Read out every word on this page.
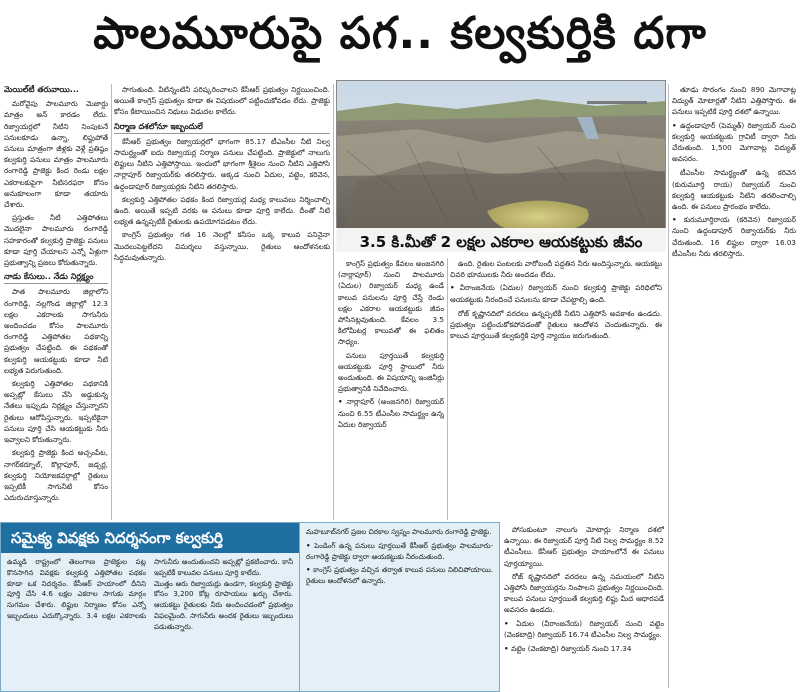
పాలమూరుపై పగ.. కల్వకుర్తికి దగా
మెయిల్‌టీ తరువాయి...

మరోవైపు పాలమూరు మెజార్టు మాత్రం అన్ కారడం లేదు. రిజ్వాయర్లలో నీటిని నింపుటనే పనులకూడు ఉన్నా, లిఫ్టుపోతే పనులు మాత్రంగా జీళ్లకు వెళ్లే ప్రతిష్ఠం కల్వకుర్తి పనులు మాత్రం పాలమూరు రంగారెడ్డి ప్రాజెక్టు కింద రెండు లక్షల ఎకరాలకుపైగా నీటిసరఫరా కోసం అనుకూలంగా కూడా తయారు చేశారు.

ప్రస్తుతం నీటి ఎత్తిపోతలు మొదలైనా పాలమూరు రంగారెడ్డి సహకారంతో కల్వకుర్తి ప్రాజెక్టు పనులు కూడా పూర్తి చేయాలని ఎన్నో ఏళ్లుగా ప్రభుత్వాన్ని ప్రజలు కోరుతున్నారు.

నాడు కేసులు.. నేడు నిర్లక్ష్యం

పాత పాలమూరు జిల్లాలోని రంగారెడ్డి, నల్లగొండ జిల్లాల్లో 12.3 లక్షల ఎకరాలకు సాగునీరు అందించడం కోసం పాలమూరు రంగారెడ్డి ఎత్తిపోతల పథకాన్ని ప్రభుత్వం చేపట్టింది. ఈ పథకంతో కల్వకుర్తి ఆయకట్టుకు కూడా నీటి లభ్యత పెరుగుతుంది.

కల్వకుర్తి ఎత్తిపోతల పథకానికి అప్పట్లో కేసులు వేసి అడ్డుకున్న నేతలు ఇప్పుడు నిర్లక్ష్యం చేస్తున్నారని రైతులు ఆరోపిస్తున్నారు. ఇప్పటికైనా పనులు పూర్తి చేసి ఆయకట్టుకు నీరు ఇవ్వాలని కోరుతున్నారు.

కల్వకుర్తి ప్రాజెక్టు కింద అచ్చంపేట, నాగర్‌కర్నూల్, కొల్లాపూర్, జడ్చర్ల, కల్వకుర్తి నియోజకవర్గాల్లో రైతులు ఇప్పటికీ సాగునీటి కోసం ఎదురుచూస్తున్నారు.

సాగుతుంది. వీటిన్నంటినీ పరిష్కరించాలని కేసీఆర్ ప్రభుత్వం నిర్ణయించింది. అయితే కాంగ్రెస్ ప్రభుత్వం కూడా ఈ విషయంలో పట్టించుకోవడం లేదు. ప్రాజెక్టు కోసం కేటాయించిన నిధులు విడుదల కాలేదు.

నిర్మాణ దశలోనూ ఇబ్బందులే

కేసీఆర్ ప్రభుత్వం రిజ్వాయర్లలో భాగంగా 85.17 టీఎంసీల నీటి నిల్వ సామర్థ్యంతో ఐదు రిజ్వాయర్ల నిర్మాణ పనులు చేపట్టింది. ప్రాజెక్టులో నాలుగు లిఫ్టులు నీటిని ఎత్తిపోస్తాయి. ఇందులో భాగంగా శ్రీశైలం నుంచి నీటిని ఎత్తిపోసి నార్లాపూర్ రిజ్వాయర్‌కు తరలిస్తారు. అక్కడ నుంచి ఏదుల, వట్టెం, కరివెన, ఉద్దండాపూర్ రిజ్వాయర్లకు నీటిని తరలిస్తారు.

కల్వకుర్తి ఎత్తిపోతల పథకం కింద రిజ్వాయర్ల మధ్య కాలువలు నిర్మించాల్సి ఉంది. అయితే ఇప్పటి వరకు ఆ పనులు కూడా పూర్తి కాలేదు. దీంతో నీటి లభ్యత ఉన్నప్పటికీ రైతులకు ఉపయోగపడటం లేదు.

కాంగ్రెస్ ప్రభుత్వం గత 16 నెలల్లో కనీసం ఒక్క కాలువ పనినైనా మొదలుపెట్టలేదని విమర్శలు వస్తున్నాయి. రైతులు ఆందోళనలకు సిద్ధమవుతున్నారు.

3.5 కి.మీతో 2 లక్షల ఎకరాల ఆయకట్టుకు జీవం

కాంగ్రెస్ ప్రభుత్వం కేవలం అంజనగిరి (నార్లాపూర్) నుంచి పాలమూరు (ఏదుల) రిజ్వాయర్ మధ్య ఉండే కాలువ పనులను పూర్తి చేస్తే రెండు లక్షల ఎకరాల ఆయకట్టుకు జీవం పోసినట్లవుతుంది. కేవలం 3.5 కిలోమీటర్ల కాలువతో ఈ ఫలితం సాధ్యం.

పనులు పూర్తయితే కల్వకుర్తి ఆయకట్టుకు పూర్తి స్థాయిలో నీరు అందుతుంది. ఈ విషయాన్ని ఇంజినీర్లు ప్రభుత్వానికి నివేదించారు.

• నార్లాపూర్ (అంజనగిరి) రిజ్వాయర్ నుంచి 6.55 టీఎంసీల సామర్థ్యం ఉన్న ఏదుల రిజ్వాయర్

ఉంది. రైతుల పంటలకు వారోబందీ పద్ధతిన నీరు అందిస్తున్నారు. ఆయకట్టు చివరి భూములకు నీరు అందడం లేదు.

• వీరాంజనేయ (ఏదుల) రిజ్వాయర్ నుంచి కల్వకుర్తి ప్రాజెక్టు పరిధిలోని ఆయకట్టుకు నీరందించే పనులను కూడా చేపట్టాల్సి ఉంది.

రోజ్ కృష్ణానదిలో వరదలు ఉన్నప్పటికీ నీటిని ఎత్తిపోసే అవకాశం ఉండదు. ప్రభుత్వం పట్టించుకోకపోవడంతో రైతులు ఆందోళన చెందుతున్నారు. ఈ కాలువ పూర్తయితే కల్వకుర్తికి పూర్తి న్యాయం జరుగుతుంది.

తూడు సొరంగం నుంచి 890 మెగావాట్ల విద్యుత్ మోటార్లతో నీటిని ఎత్తిపోస్తారు. ఈ పనులు ఇప్పటికే పూర్తి దశలో ఉన్నాయి.

• ఉద్దండాపూర్ (పెమ్మత్‌) రిజ్వాయర్ నుంచి కల్వకుర్తి ఆయకట్టుకు గ్రావిటీ ద్వారా నీరు చేరుతుంది. 1,500 మెగావాట్ల విద్యుత్‌ అవసరం.

టీఎంసీల సామర్థ్యంతో ఉన్న కరివెన (కురుమూర్తి రాయ) రిజ్వాయర్ నుంచి కల్వకుర్తి ఆయకట్టుకు నీటిని తరలించాల్సి ఉంది. ఈ పనులు ప్రారంభం కాలేదు.

• కురుమూర్తిరాయ (కరివెన) రిజ్వాయర్ నుంచి ఉద్దండాపూర్ రిజ్వాయర్‌కు నీరు చేరుతుంది. 16 లిఫ్టుల ద్వారా 16.03 టీఎంసీల నీరు తరలిస్తారు.

పోసుకుంటూ నాలుగు మోటార్లు నిర్మాణ దశలో ఉన్నాయి. ఈ రిజ్వాయర్ పూర్తి నీటి నిల్వ సామర్థ్యం 8.52 టీఎంసీలు. కేసీఆర్ ప్రభుత్వం హయాంలోనే ఈ పనులు పూర్తయ్యాయి.

రోజ్ కృష్ణానదిలో వరదలు ఉన్న సమయంలో నీటిని ఎత్తిపోసి రిజ్వాయర్లను నింపాలని ప్రభుత్వం నిర్ణయించింది. కాలువ పనులు పూర్తయితే కల్వకుర్తి లిఫ్టు మీద ఆధారపడే అవసరం ఉండదు.

• ఏదుల (వీరాంజనేయ) రిజ్వాయర్ నుంచి వట్టెం (వెంకటాద్రి) రిజ్వాయర్ 16.74 టీఎంసీల నిల్వ సామర్థ్యం.
• వట్టెం (వెంకటాద్రి) రిజ్వాయర్ నుంచి 17.34
సమైక్య వివక్షకు నిదర్శనంగా కల్వకుర్తి

ఉమ్మడి రాష్ట్రంలో తెలంగాణ ప్రాజెక్టుల పట్ల కొనసాగిన వివక్షకు కల్వకుర్తి ఎత్తిపోతల పథకం కూడా ఒక నిదర్శనం. కేసీఆర్ హయాంలో దీనిని పూర్తి చేసి 4.6 లక్షల ఎకరాల సాగుకు మార్గం సుగమం చేశారు. లిఫ్టుల నిర్మాణం కోసం ఎన్నో ఇబ్బందులు ఎదుర్కొన్నారు. 3.4 లక్షల ఎకరాలకు సాగునీరు అందుతుందని అప్పట్లో ప్రకటించారు. కానీ ఇప్పటికీ కాలువల పనులు పూర్తి కాలేదు.

మొత్తం ఆరు రిజ్వాయర్లు ఉండగా, కల్వకుర్తి ప్రాజెక్టు కోసం 3,200 కోట్ల రూపాయలు ఖర్చు చేశారు. ఆయకట్టు రైతులకు నీరు అందించడంలో ప్రభుత్వం విఫలమైంది. సాగునీరు అందక రైతులు ఇబ్బందులు పడుతున్నారు.

మహబూబ్‌నగర్‌ ప్రజల చిరకాల స్వప్నం పాలమూరు రంగారెడ్డి ప్రాజెక్టు.

• పెండింగ్ ఉన్న పనులు పూర్తయితే కేసీఆర్ ప్రభుత్వం పాలమూరు-రంగారెడ్డి ప్రాజెక్టు ద్వారా ఆయకట్టుకు నీరందుతుంది.
• కాంగ్రెస్ ప్రభుత్వం వచ్చిన తర్వాత కాలువ పనులు నిలిచిపోయాయి. రైతులు ఆందోళనలో ఉన్నారు.
